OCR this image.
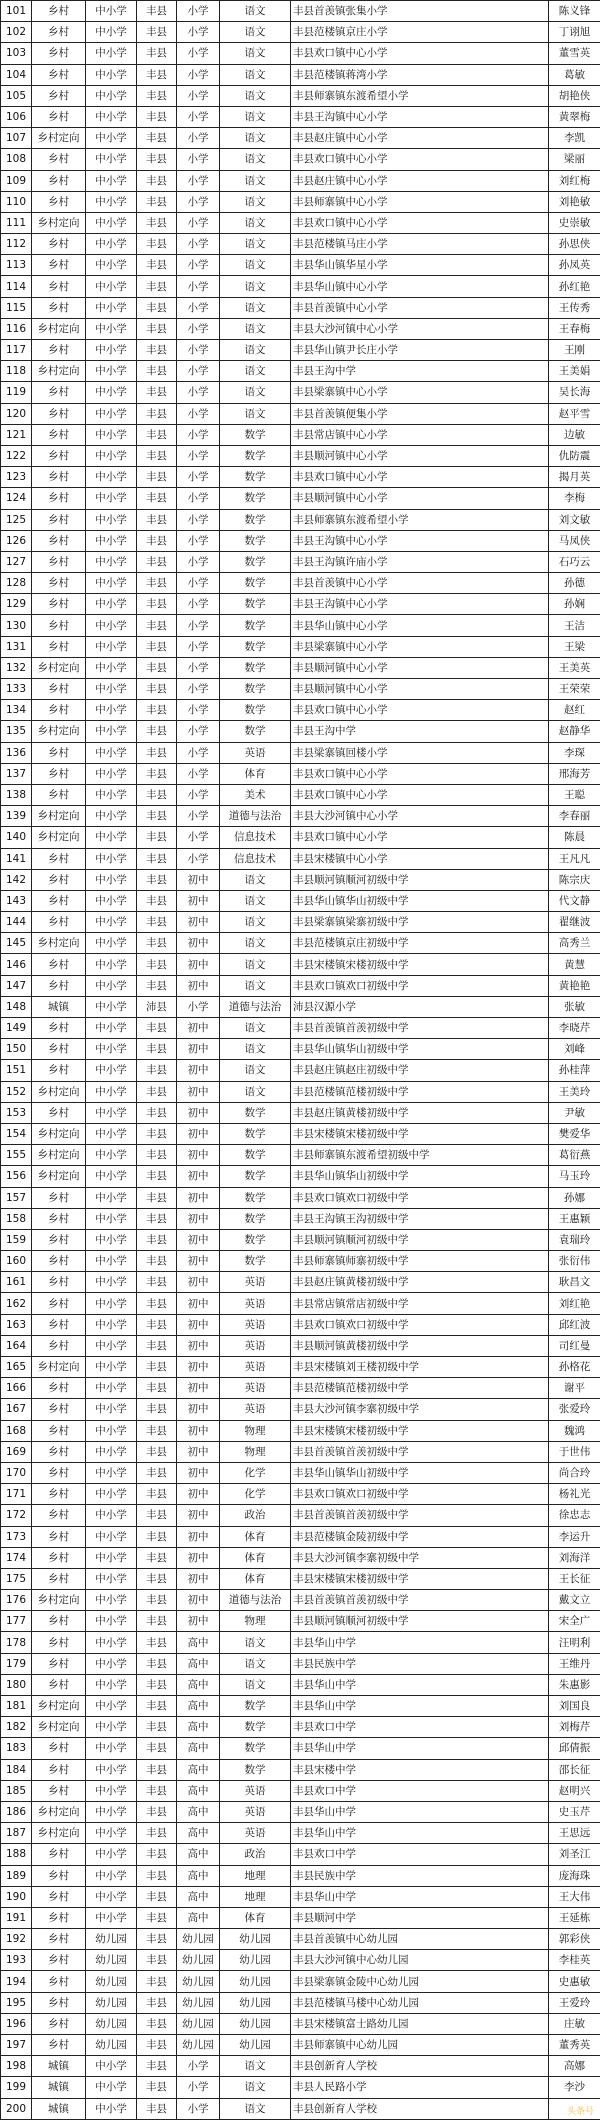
101	乡村	中小学	丰县	小学	语文	丰县首羡镇张集小学	陈义锋
102	乡村	中小学	丰县	小学	语文	丰县范楼镇京庄小学	丁诩旭
103	乡村	中小学	丰县	小学	语文	丰县欢口镇中心小学	董雪英
104	乡村	中小学	丰县	小学	语文	丰县范楼镇蒋湾小学	葛敏
105	乡村	中小学	丰县	小学	语文	丰县师寨镇东渡希望小学	胡艳侠
106	乡村	中小学	丰县	小学	语文	丰县王沟镇中心小学	黄翠梅
107	乡村定向	中小学	丰县	小学	语文	丰县赵庄镇中心小学	李凯
108	乡村	中小学	丰县	小学	语文	丰县欢口镇中心小学	梁丽
109	乡村	中小学	丰县	小学	语文	丰县赵庄镇中心小学	刘红梅
110	乡村	中小学	丰县	小学	语文	丰县师寨镇中心小学	刘艳敏
111	乡村定向	中小学	丰县	小学	语文	丰县欢口镇中心小学	史崇敏
112	乡村	中小学	丰县	小学	语文	丰县范楼镇马庄小学	孙思侠
113	乡村	中小学	丰县	小学	语文	丰县华山镇华星小学	孙凤英
114	乡村	中小学	丰县	小学	语文	丰县华山镇中心小学	孙红艳
115	乡村	中小学	丰县	小学	语文	丰县首羡镇中心小学	王传秀
116	乡村定向	中小学	丰县	小学	语文	丰县大沙河镇中心小学	王春梅
117	乡村	中小学	丰县	小学	语文	丰县华山镇尹长庄小学	王刚
118	乡村定向	中小学	丰县	小学	语文	丰县王沟中学	王美娟
119	乡村	中小学	丰县	小学	语文	丰县梁寨镇中心小学	吴长海
120	乡村	中小学	丰县	小学	语文	丰县首羡镇便集小学	赵平雪
121	乡村	中小学	丰县	小学	数学	丰县常店镇中心小学	边敏
122	乡村	中小学	丰县	小学	数学	丰县顺河镇中心小学	仇防震
123	乡村	中小学	丰县	小学	数学	丰县欢口镇中心小学	揭月英
124	乡村	中小学	丰县	小学	数学	丰县顺河镇中心小学	李梅
125	乡村	中小学	丰县	小学	数学	丰县师寨镇东渡希望小学	刘文敏
126	乡村	中小学	丰县	小学	数学	丰县王沟镇中心小学	马凤侠
127	乡村	中小学	丰县	小学	数学	丰县王沟镇许庙小学	石巧云
128	乡村	中小学	丰县	小学	数学	丰县首羡镇中心小学	孙德
129	乡村	中小学	丰县	小学	数学	丰县王沟镇中心小学	孙娴
130	乡村	中小学	丰县	小学	数学	丰县华山镇中心小学	王洁
131	乡村	中小学	丰县	小学	数学	丰县梁寨镇中心小学	王梁
132	乡村定向	中小学	丰县	小学	数学	丰县顺河镇中心小学	王美英
133	乡村	中小学	丰县	小学	数学	丰县顺河镇中心小学	王荣荣
134	乡村	中小学	丰县	小学	数学	丰县欢口镇中心小学	赵红
135	乡村定向	中小学	丰县	小学	数学	丰县王沟中学	赵静华
136	乡村	中小学	丰县	小学	英语	丰县梁寨镇回楼小学	李琛
137	乡村	中小学	丰县	小学	体育	丰县欢口镇中心小学	邢海芳
138	乡村	中小学	丰县	小学	美术	丰县欢口镇中心小学	王聪
139	乡村定向	中小学	丰县	小学	道德与法治	丰县大沙河镇中心小学	李春丽
140	乡村定向	中小学	丰县	小学	信息技术	丰县欢口镇中心小学	陈晨
141	乡村	中小学	丰县	小学	信息技术	丰县宋楼镇中心小学	王凡凡
142	乡村	中小学	丰县	初中	语文	丰县顺河镇顺河初级中学	陈宗庆
143	乡村	中小学	丰县	初中	语文	丰县华山镇华山初级中学	代文静
144	乡村	中小学	丰县	初中	语文	丰县梁寨镇梁寨初级中学	翟继波
145	乡村定向	中小学	丰县	初中	语文	丰县范楼镇京庄初级中学	高秀兰
146	乡村	中小学	丰县	初中	语文	丰县宋楼镇宋楼初级中学	黄慧
147	乡村	中小学	丰县	初中	语文	丰县欢口镇欢口初级中学	黄艳艳
148	城镇	中小学	沛县	小学	道德与法治	沛县汉源小学	张敏
149	乡村	中小学	丰县	初中	语文	丰县首羡镇首羡初级中学	李晓芹
150	乡村	中小学	丰县	初中	语文	丰县华山镇华山初级中学	刘峰
151	乡村	中小学	丰县	初中	语文	丰县赵庄镇赵庄初级中学	孙桂萍
152	乡村定向	中小学	丰县	初中	语文	丰县范楼镇范楼初级中学	王美玲
153	乡村	中小学	丰县	初中	数学	丰县赵庄镇黄楼初级中学	尹敏
154	乡村定向	中小学	丰县	初中	数学	丰县宋楼镇宋楼初级中学	樊爱华
155	乡村定向	中小学	丰县	初中	数学	丰县师寨镇东渡希望初级中学	葛衍燕
156	乡村定向	中小学	丰县	初中	数学	丰县华山镇华山初级中学	马玉玲
157	乡村	中小学	丰县	初中	数学	丰县欢口镇欢口初级中学	孙娜
158	乡村	中小学	丰县	初中	数学	丰县王沟镇王沟初级中学	王惠颖
159	乡村	中小学	丰县	初中	数学	丰县顺河镇顺河初级中学	袁瑞玲
160	乡村	中小学	丰县	初中	数学	丰县师寨镇师寨初级中学	张衍伟
161	乡村	中小学	丰县	初中	英语	丰县赵庄镇黄楼初级中学	耿昌文
162	乡村	中小学	丰县	初中	英语	丰县常店镇常店初级中学	刘红艳
163	乡村	中小学	丰县	初中	英语	丰县欢口镇欢口初级中学	邱红波
164	乡村	中小学	丰县	初中	英语	丰县顺河镇黄楼初级中学	司红曼
165	乡村定向	中小学	丰县	初中	英语	丰县宋楼镇刘王楼初级中学	孙格花
166	乡村	中小学	丰县	初中	英语	丰县范楼镇范楼初级中学	谢平
167	乡村	中小学	丰县	初中	英语	丰县大沙河镇李寨初级中学	张爱玲
168	乡村	中小学	丰县	初中	物理	丰县宋楼镇宋楼初级中学	魏鸿
169	乡村	中小学	丰县	初中	物理	丰县首羡镇首羡初级中学	于世伟
170	乡村	中小学	丰县	初中	化学	丰县华山镇华山初级中学	尚合玲
171	乡村	中小学	丰县	初中	化学	丰县欢口镇欢口初级中学	杨礼光
172	乡村	中小学	丰县	初中	政治	丰县首羡镇首羡初级中学	徐忠志
173	乡村	中小学	丰县	初中	体育	丰县范楼镇金陵初级中学	李运升
174	乡村	中小学	丰县	初中	体育	丰县大沙河镇李寨初级中学	刘海洋
175	乡村	中小学	丰县	初中	体育	丰县宋楼镇宋楼初级中学	王长征
176	乡村定向	中小学	丰县	初中	道德与法治	丰县首羡镇首羡初级中学	戴文立
177	乡村	中小学	丰县	初中	物理	丰县顺河镇顺河初级中学	宋全广
178	乡村	中小学	丰县	高中	语文	丰县华山中学	汪明利
179	乡村	中小学	丰县	高中	语文	丰县民族中学	王维丹
180	乡村	中小学	丰县	高中	语文	丰县华山中学	朱惠影
181	乡村定向	中小学	丰县	高中	数学	丰县华山中学	刘国良
182	乡村定向	中小学	丰县	高中	数学	丰县欢口中学	刘梅芹
183	乡村	中小学	丰县	高中	数学	丰县华山中学	邱倩振
184	乡村	中小学	丰县	高中	数学	丰县宋楼中学	邵长征
185	乡村	中小学	丰县	高中	英语	丰县欢口中学	赵明兴
186	乡村定向	中小学	丰县	高中	英语	丰县华山中学	史玉芹
187	乡村定向	中小学	丰县	高中	英语	丰县华山中学	王思远
188	乡村	中小学	丰县	高中	政治	丰县欢口中学	刘圣江
189	乡村	中小学	丰县	高中	地理	丰县民族中学	庞海珠
190	乡村	中小学	丰县	高中	地理	丰县华山中学	王大伟
191	乡村	中小学	丰县	高中	体育	丰县顺河中学	王延栋
192	乡村	幼儿园	丰县	幼儿园	幼儿园	丰县首羡镇中心幼儿园	郭彩侠
193	乡村	幼儿园	丰县	幼儿园	幼儿园	丰县大沙河镇中心幼儿园	李桂英
194	乡村	幼儿园	丰县	幼儿园	幼儿园	丰县梁寨镇金陵中心幼儿园	史惠敏
195	乡村	幼儿园	丰县	幼儿园	幼儿园	丰县范楼镇马楼中心幼儿园	王爱玲
196	乡村	幼儿园	丰县	幼儿园	幼儿园	丰县宋楼镇富士路幼儿园	庄敏
197	乡村	幼儿园	丰县	幼儿园	幼儿园	丰县师寨镇中心幼儿园	董秀英
198	城镇	中小学	丰县	小学	语文	丰县创新育人学校	高娜
199	城镇	中小学	丰县	小学	语文	丰县人民路小学	李沙
200	城镇	中小学	丰县	小学	语文	丰县创新育人学校		头条号
